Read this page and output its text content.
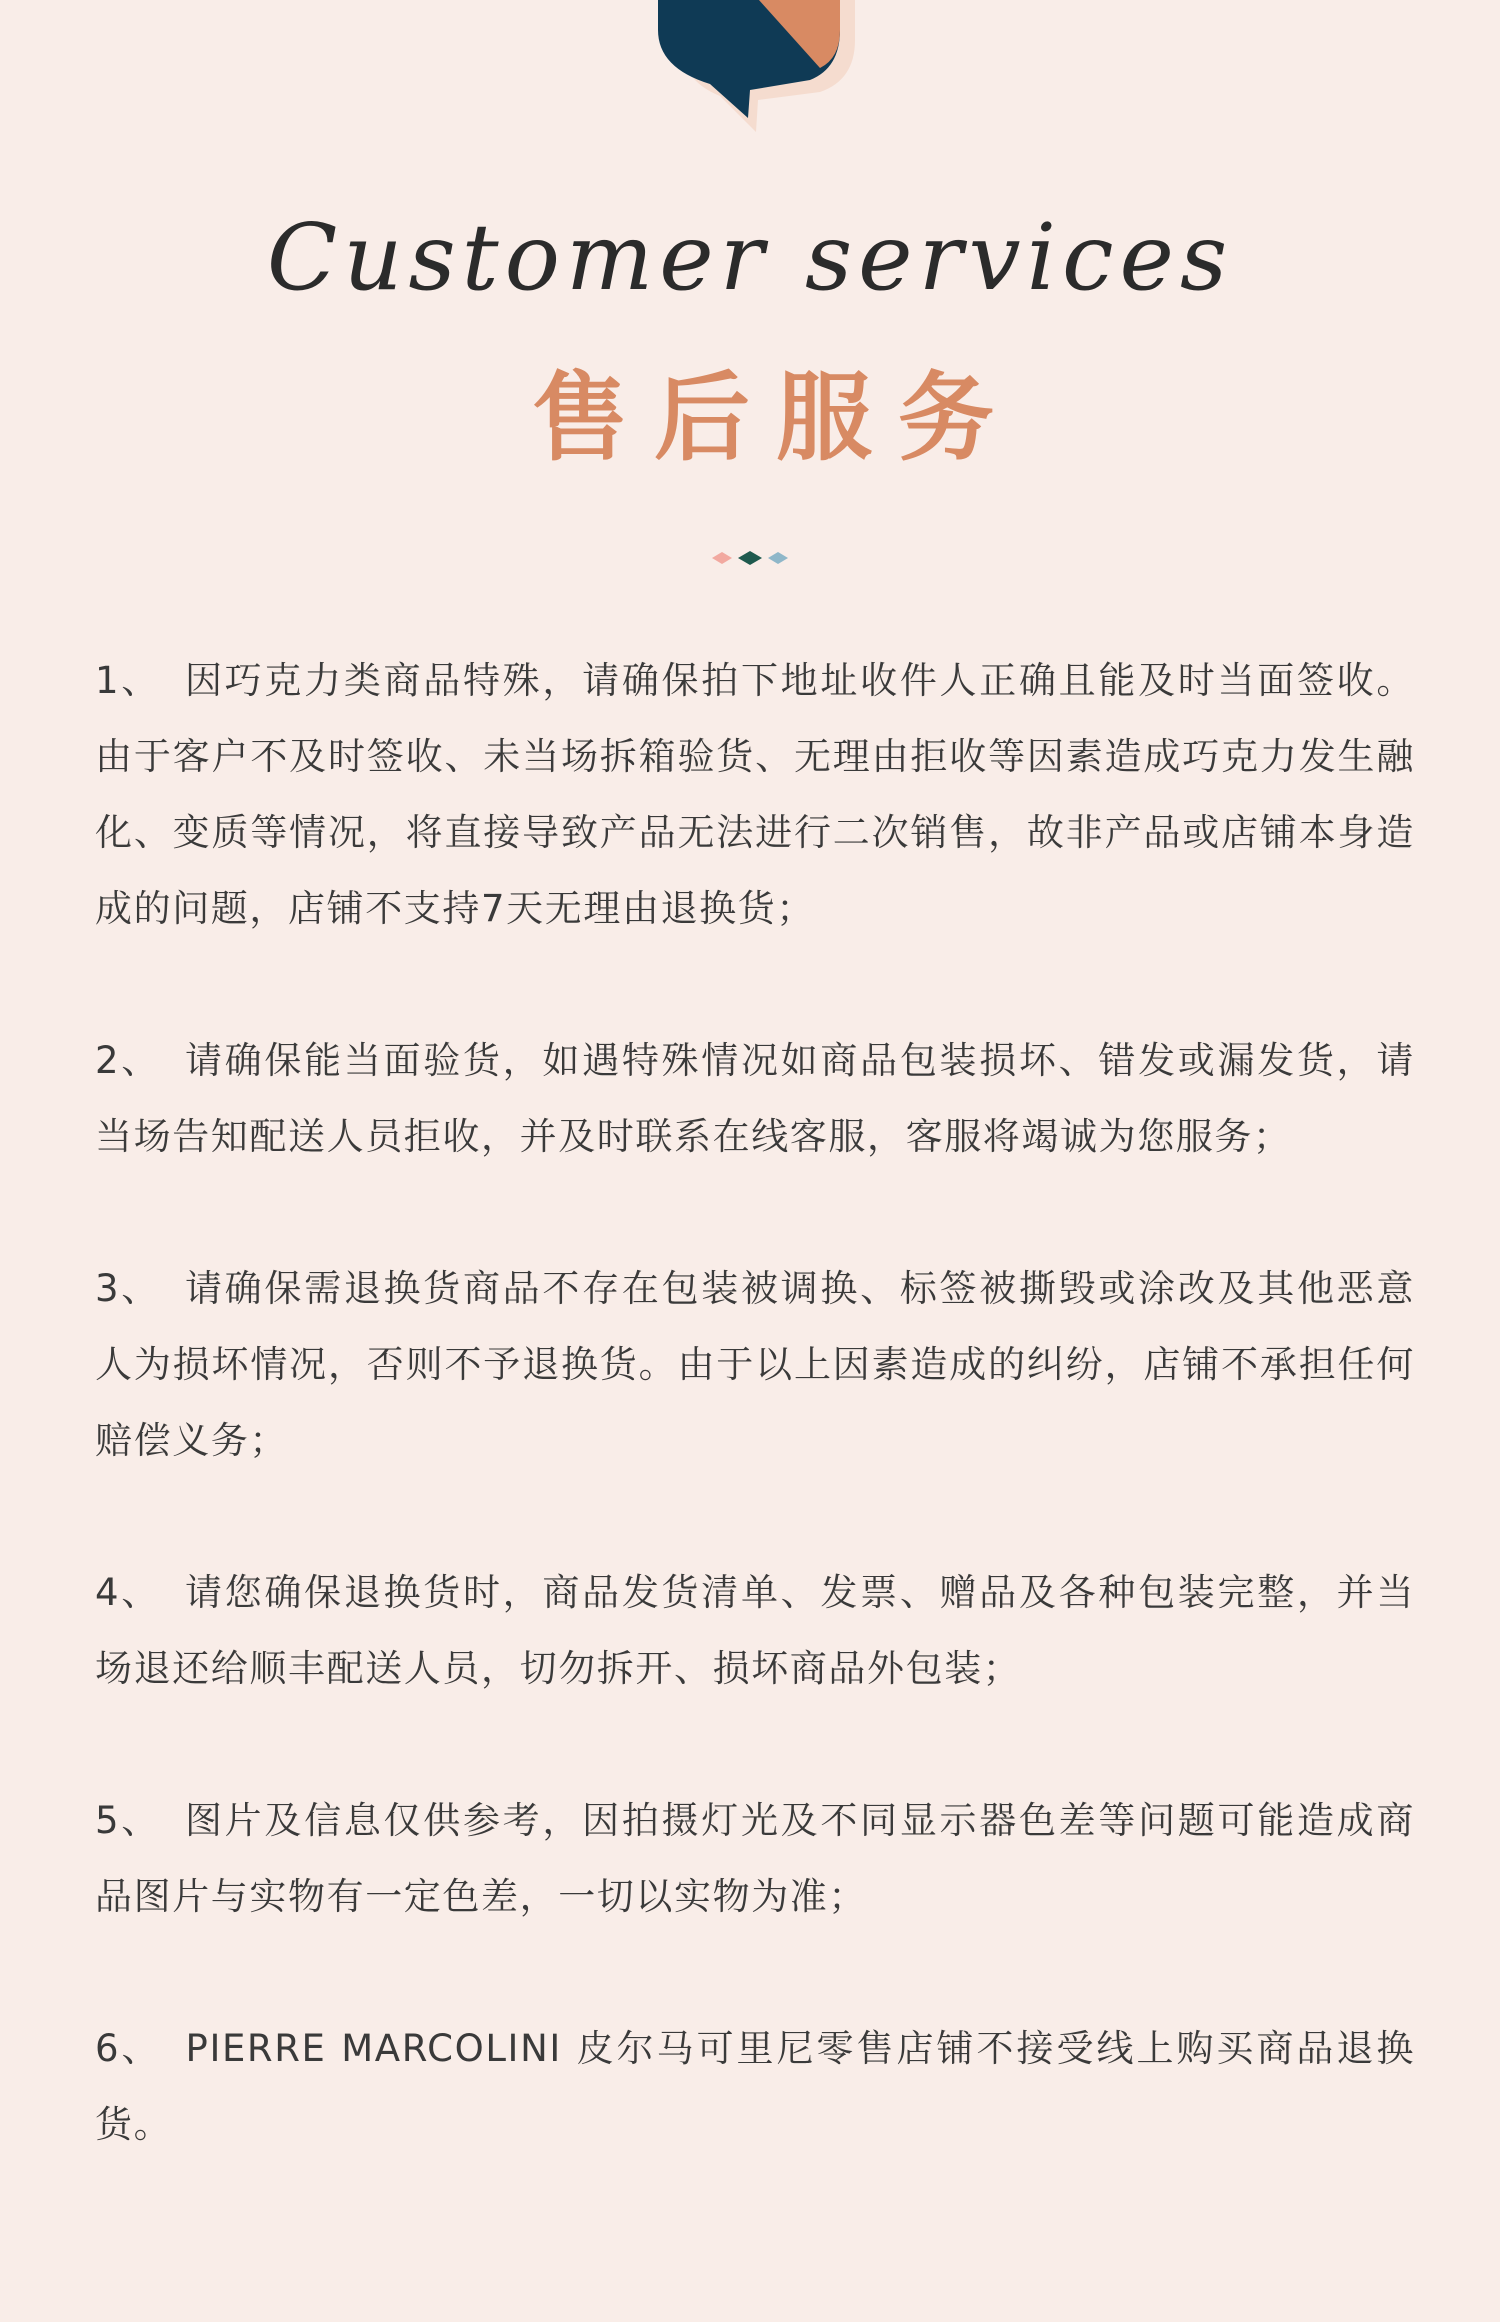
Customer services
售后服务
1、 因巧克力类商品特殊，请确保拍下地址收件人正确且能及时当面签收。由于客户不及时签收、未当场拆箱验货、无理由拒收等因素造成巧克力发生融化、变质等情况，将直接导致产品无法进行二次销售，故非产品或店铺本身造成的问题，店铺不支持7天无理由退换货；
2、 请确保能当面验货，如遇特殊情况如商品包装损坏、错发或漏发货，请当场告知配送人员拒收，并及时联系在线客服，客服将竭诚为您服务；
3、 请确保需退换货商品不存在包装被调换、标签被撕毁或涂改及其他恶意人为损坏情况，否则不予退换货。由于以上因素造成的纠纷，店铺不承担任何赔偿义务；
4、 请您确保退换货时，商品发货清单、发票、赠品及各种包装完整，并当场退还给顺丰配送人员，切勿拆开、损坏商品外包装；
5、 图片及信息仅供参考，因拍摄灯光及不同显示器色差等问题可能造成商品图片与实物有一定色差，一切以实物为准；
6、 PIERRE MARCOLINI 皮尔马可里尼零售店铺不接受线上购买商品退换货。
